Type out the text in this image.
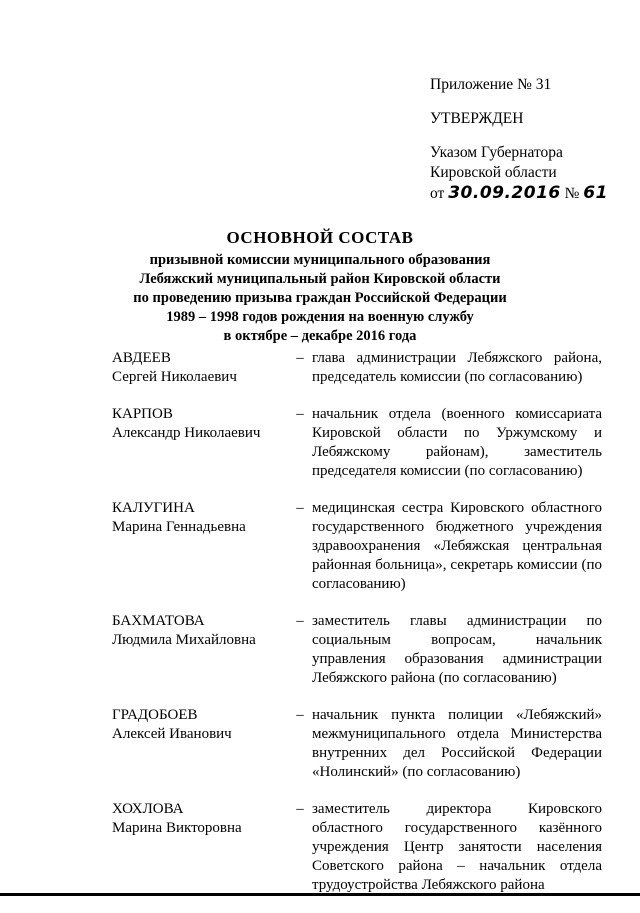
Приложение № 31
УТВЕРЖДЕН
Указом Губернатора
Кировской области
от 30.09.2016 № 61
ОСНОВНОЙ СОСТАВ
призывной комиссии муниципального образования
Лебяжский муниципальный район Кировской области
по проведению призыва граждан Российской Федерации
1989 – 1998 годов рождения на военную службу
в октябре – декабре 2016 года
АВДЕЕВ
Сергей Николаевич
– глава администрации Лебяжского района, председатель комиссии (по согласованию)
КАРПОВ
Александр Николаевич
– начальник отдела (военного комиссариата Кировской области по Уржумскому и Лебяжскому районам), заместитель председателя комиссии (по согласованию)
КАЛУГИНА
Марина Геннадьевна
– медицинская сестра Кировского областного государственного бюджетного учреждения здравоохранения «Лебяжская центральная районная больница», секретарь комиссии (по согласованию)
БАХМАТОВА
Людмила Михайловна
– заместитель главы администрации по социальным вопросам, начальник управления образования администрации Лебяжского района (по согласованию)
ГРАДОБОЕВ
Алексей Иванович
– начальник пункта полиции «Лебяжский» межмуниципального отдела Министерства внутренних дел Российской Федерации «Нолинский» (по согласованию)
ХОХЛОВА
Марина Викторовна
– заместитель директора Кировского областного государственного казённого учреждения Центр занятости населения Советского района – начальник отдела трудоустройства Лебяжского района
